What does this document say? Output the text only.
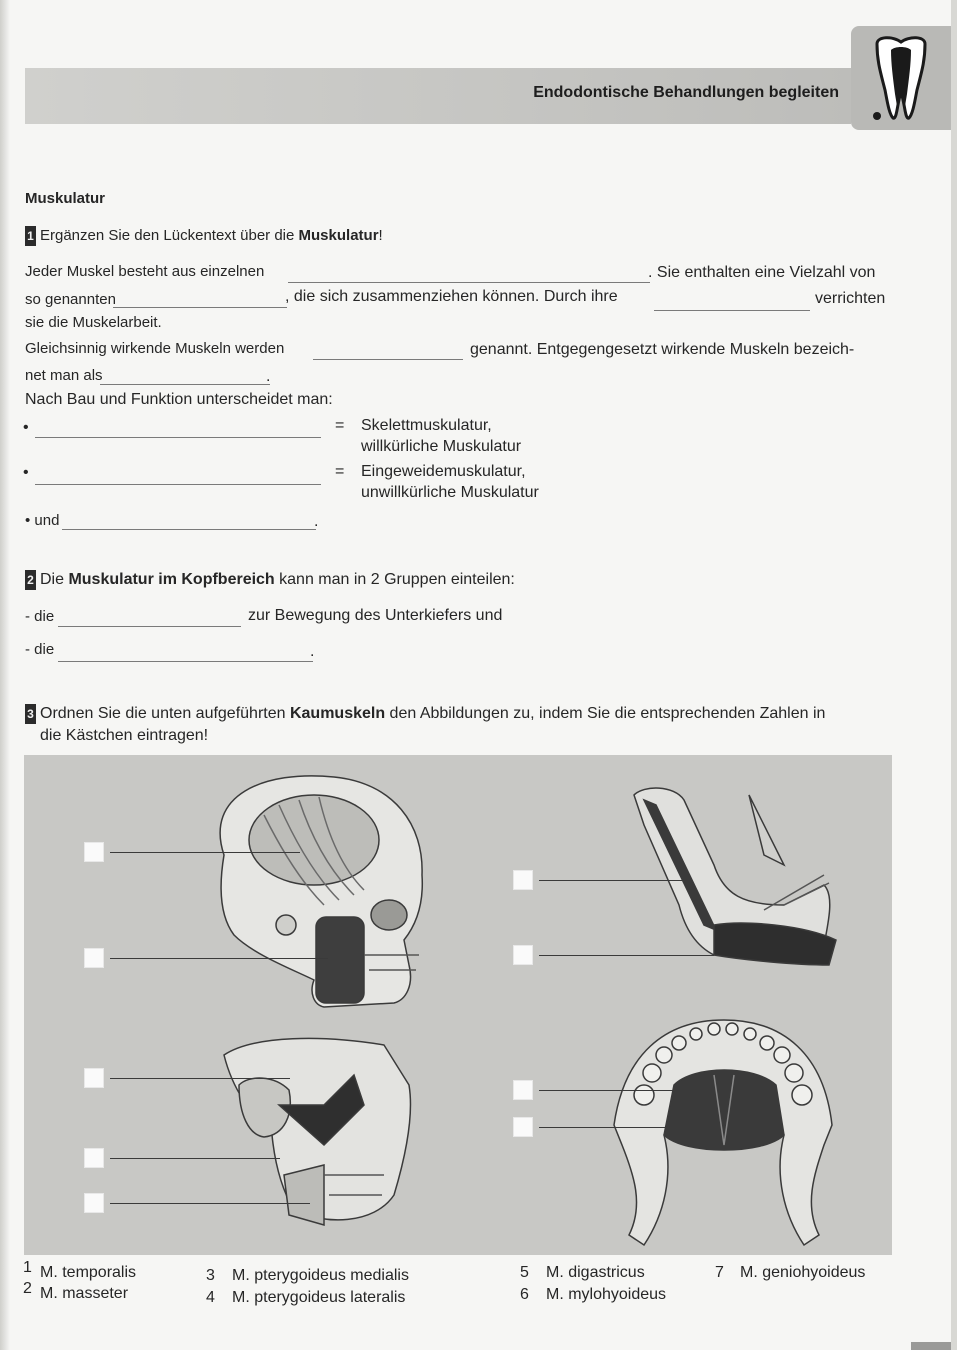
Endodontische Behandlungen begleiten
Muskulatur
1 Ergänzen Sie den Lückentext über die Muskulatur!
Jeder Muskel besteht aus einzelnen	. Sie enthalten eine Vielzahl von
so genannten	, die sich zusammenziehen können. Durch ihre	verrichten
sie die Muskelarbeit.
Gleichsinnig wirkende Muskeln werden	genannt. Entgegengesetzt wirkende Muskeln bezeich-
net man als	.
Nach Bau und Funktion unterscheidet man:
•	= Skelettmuskulatur,
willkürliche Muskulatur
•	= Eingeweidemuskulatur,
unwillkürliche Muskulatur
• und	.
2 Die Muskulatur im Kopfbereich kann man in 2 Gruppen einteilen:
- die	zur Bewegung des Unterkiefers und
- die	.
3 Ordnen Sie die unten aufgeführten Kaumuskeln den Abbildungen zu, indem Sie die entsprechenden Zahlen in
die Kästchen eintragen!
1 M. temporalis
2 M. masseter
3 M. pterygoideus medialis
4 M. pterygoideus lateralis
5 M. digastricus
6 M. mylohyoideus
7 M. geniohyoideus
